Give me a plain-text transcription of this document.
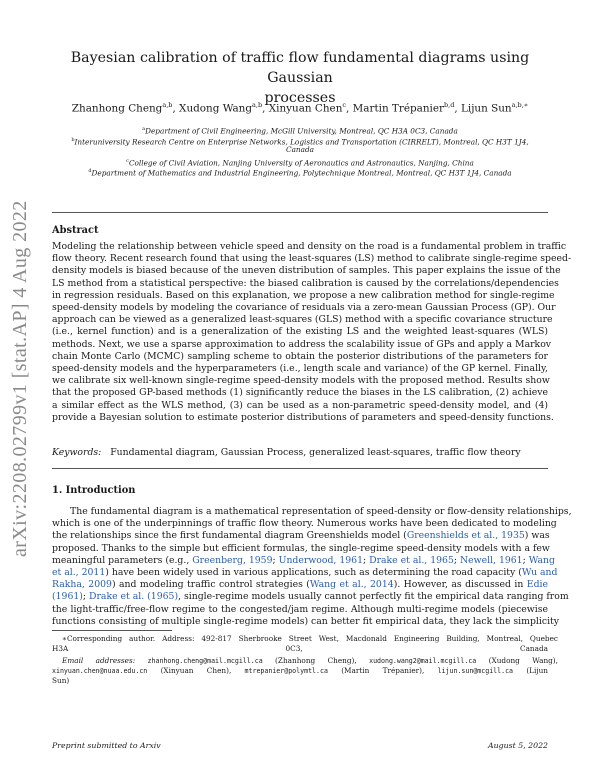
arXiv:2208.02799v1 [stat.AP] 4 Aug 2022
Bayesian calibration of traffic flow fundamental diagrams using Gaussian
processes
Zhanhong Cheng$^{a,b}$, Xudong Wang$^{a,b}$, Xinyuan Chen$^c$, Martin Trépanier$^{b,d}$, Lijun Sun$^{a,b,∗}$
$^a$Department of Civil Engineering, McGill University, Montreal, QC H3A 0C3, Canada
$^b$Interuniversity Research Centre on Enterprise Networks, Logistics and Transportation (CIRRELT), Montreal, QC H3T 1J4,
Canada
$^c$College of Civil Aviation, Nanjing University of Aeronautics and Astronautics, Nanjing, China
$^d$Department of Mathematics and Industrial Engineering, Polytechnique Montreal, Montreal, QC H3T 1J4, Canada
Abstract
Modeling the relationship between vehicle speed and density on the road is a fundamental problem in traffic
flow theory. Recent research found that using the least-squares (LS) method to calibrate single-regime speed-
density models is biased because of the uneven distribution of samples. This paper explains the issue of the
LS method from a statistical perspective: the biased calibration is caused by the correlations/dependencies
in regression residuals. Based on this explanation, we propose a new calibration method for single-regime
speed-density models by modeling the covariance of residuals via a zero-mean Gaussian Process (GP). Our
approach can be viewed as a generalized least-squares (GLS) method with a specific covariance structure
(i.e., kernel function) and is a generalization of the existing LS and the weighted least-squares (WLS)
methods. Next, we use a sparse approximation to address the scalability issue of GPs and apply a Markov
chain Monte Carlo (MCMC) sampling scheme to obtain the posterior distributions of the parameters for
speed-density models and the hyperparameters (i.e., length scale and variance) of the GP kernel. Finally,
we calibrate six well-known single-regime speed-density models with the proposed method. Results show
that the proposed GP-based methods (1) significantly reduce the biases in the LS calibration, (2) achieve
a similar effect as the WLS method, (3) can be used as a non-parametric speed-density model, and (4)
provide a Bayesian solution to estimate posterior distributions of parameters and speed-density functions.
Keywords: Fundamental diagram, Gaussian Process, generalized least-squares, traffic flow theory
1. Introduction
The fundamental diagram is a mathematical representation of speed-density or flow-density relationships,
which is one of the underpinnings of traffic flow theory. Numerous works have been dedicated to modeling
the relationships since the first fundamental diagram Greenshields model (Greenshields et al., 1935) was
proposed. Thanks to the simple but efficient formulas, the single-regime speed-density models with a few
meaningful parameters (e.g., Greenberg, 1959; Underwood, 1961; Drake et al., 1965; Newell, 1961; Wang
et al., 2011) have been widely used in various applications, such as determining the road capacity (Wu and
Rakha, 2009) and modeling traffic control strategies (Wang et al., 2014). However, as discussed in Edie
(1961); Drake et al. (1965), single-regime models usually cannot perfectly fit the empirical data ranging from
the light-traffic/free-flow regime to the congested/jam regime. Although multi-regime models (piecewise
functions consisting of multiple single-regime models) can better fit empirical data, they lack the simplicity
∗Corresponding author. Address: 492-817 Sherbrooke Street West, Macdonald Engineering Building, Montreal, Quebec
H3A 0C3, Canada
Email addresses: zhanhong.cheng@mail.mcgill.ca (Zhanhong Cheng), xudong.wang2@mail.mcgill.ca (Xudong Wang),
xinyuan.chen@nuaa.edu.cn (Xinyuan Chen), mtrepanier@polymtl.ca (Martin Trépanier), lijun.sun@mcgill.ca (Lijun
Sun)
Preprint submitted to Arxiv	August 5, 2022
